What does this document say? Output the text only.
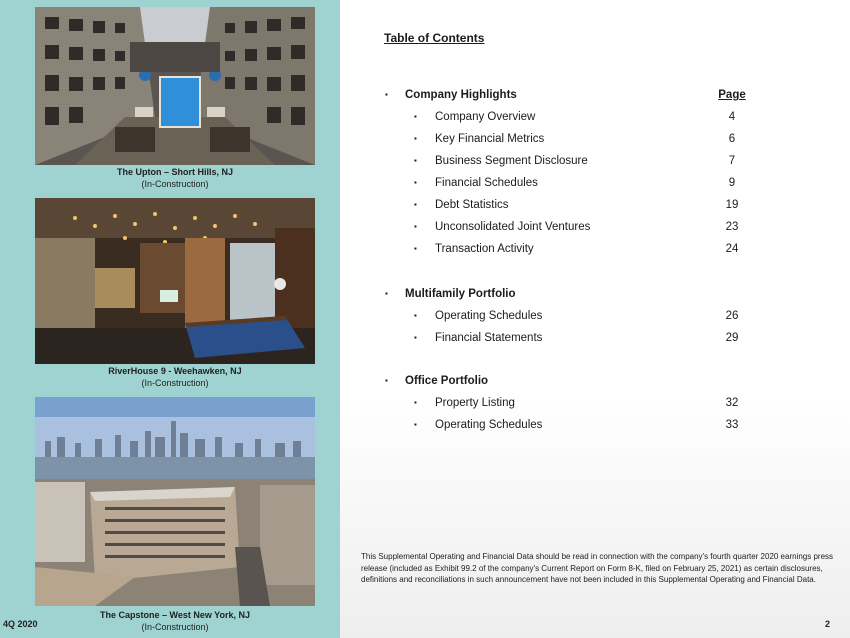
The Upton – Short Hills, NJ
(In-Construction)
RiverHouse 9 - Weehawken, NJ
(In-Construction)
The Capstone – West New York, NJ
(In-Construction)
4Q 2020	2
Table of Contents
Page
▪ Company Highlights
▪ Company Overview	4
▪ Key Financial Metrics	6
▪ Business Segment Disclosure	7
▪ Financial Schedules	9
▪ Debt Statistics	19
▪ Unconsolidated Joint Ventures	23
▪ Transaction Activity	24
▪ Multifamily Portfolio
▪ Operating Schedules	26
▪ Financial Statements	29
▪ Office Portfolio
▪ Property Listing	32
▪ Operating Schedules	33
This Supplemental Operating and Financial Data should be read in connection with the company's fourth quarter 2020 earnings press release (included as Exhibit 99.2 of the company's Current Report on Form 8-K, filed on February 25, 2021) as certain disclosures, definitions and reconciliations in such announcement have not been included in this Supplemental Operating and Financial Data.
